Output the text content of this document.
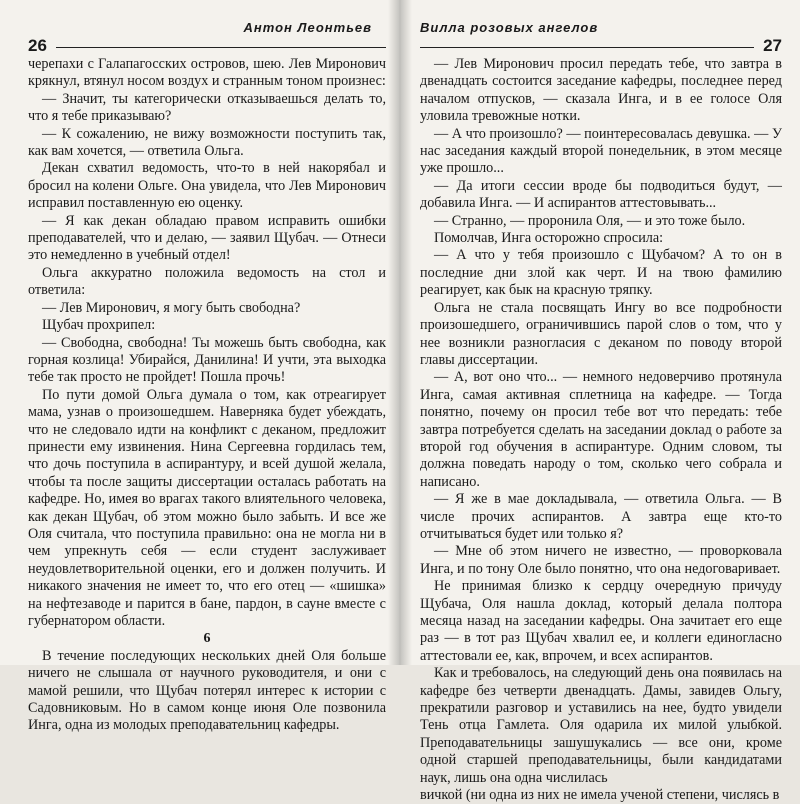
26
Антон Леонтьев

черепахи с Галапагосских островов, шею. Лев Миронович крякнул, втянул носом воздух и странным тоном произнес:

— Значит, ты категорически отказываешься делать то, что я тебе приказываю?

— К сожалению, не вижу возможности поступить так, как вам хочется, — ответила Ольга.

Декан схватил ведомость, что-то в ней накорябал и бросил на колени Ольге. Она увидела, что Лев Миронович исправил поставленную ею оценку.

— Я как декан обладаю правом исправить ошибки преподавателей, что и делаю, — заявил Щубач. — Отнеси это немедленно в учебный отдел!

Ольга аккуратно положила ведомость на стол и ответила:

— Лев Миронович, я могу быть свободна?

Щубач прохрипел:

— Свободна, свободна! Ты можешь быть свободна, как горная козлица! Убирайся, Данилина! И учти, эта выходка тебе так просто не пройдет! Пошла прочь!

По пути домой Ольга думала о том, как отреагирует мама, узнав о произошедшем. Наверняка будет убеждать, что не следовало идти на конфликт с деканом, предложит принести ему извинения. Нина Сергеевна гордилась тем, что дочь поступила в аспирантуру, и всей душой желала, чтобы та после защиты диссертации осталась работать на кафедре. Но, имея во врагах такого влиятельного человека, как декан Щубач, об этом можно было забыть. И все же Оля считала, что поступила правильно: она не могла ни в чем упрекнуть себя — если студент заслуживает неудовлетворительной оценки, его и должен получить. И никакого значения не имеет то, что его отец — «шишка» на нефтезаводе и парится в бане, пардон, в сауне вместе с губернатором области.

6

В течение последующих нескольких дней Оля больше ничего не слышала от научного руководителя, и они с мамой решили, что Щубач потерял интерес к истории с Садовниковым. Но в самом конце июня Оле позвонила Инга, одна из молодых преподавательниц кафедры.

Вилла розовых ангелов
27

— Лев Миронович просил передать тебе, что завтра в двенадцать состоится заседание кафедры, последнее перед началом отпусков, — сказала Инга, и в ее голосе Оля уловила тревожные нотки.

— А что произошло? — поинтересовалась девушка. — У нас заседания каждый второй понедельник, в этом месяце уже прошло...

— Да итоги сессии вроде бы подводиться будут, — добавила Инга. — И аспирантов аттестовывать...

— Странно, — проронила Оля, — и это тоже было.

Помолчав, Инга осторожно спросила:

— А что у тебя произошло с Щубачом? А то он в последние дни злой как черт. И на твою фамилию реагирует, как бык на красную тряпку.

Ольга не стала посвящать Ингу во все подробности произошедшего, ограничившись парой слов о том, что у нее возникли разногласия с деканом по поводу второй главы диссертации.

— А, вот оно что... — немного недоверчиво протянула Инга, самая активная сплетница на кафедре. — Тогда понятно, почему он просил тебе вот что передать: тебе завтра потребуется сделать на заседании доклад о работе за второй год обучения в аспирантуре. Одним словом, ты должна поведать народу о том, сколько чего собрала и написано.

— Я же в мае докладывала, — ответила Ольга. — В числе прочих аспирантов. А завтра еще кто-то отчитываться будет или только я?

— Мне об этом ничего не известно, — проворковала Инга, и по тону Оле было понятно, что она недоговаривает.

Не принимая близко к сердцу очередную причуду Щубача, Оля нашла доклад, который делала полтора месяца назад на заседании кафедры. Она зачитает его еще раз — в тот раз Щубач хвалил ее, и коллеги единогласно аттестовали ее, как, впрочем, и всех аспирантов.

Как и требовалось, на следующий день она появилась на кафедре без четверти двенадцать. Дамы, завидев Ольгу, прекратили разговор и уставились на нее, будто увидели Тень отца Гамлета. Оля одарила их милой улыбкой. Преподавательницы зашушукались — все они, кроме одной старшей преподавательницы, были кандидатами наук, лишь она одна числилась

вичкой (ни одна из них не имела ученой степени, числясь в
